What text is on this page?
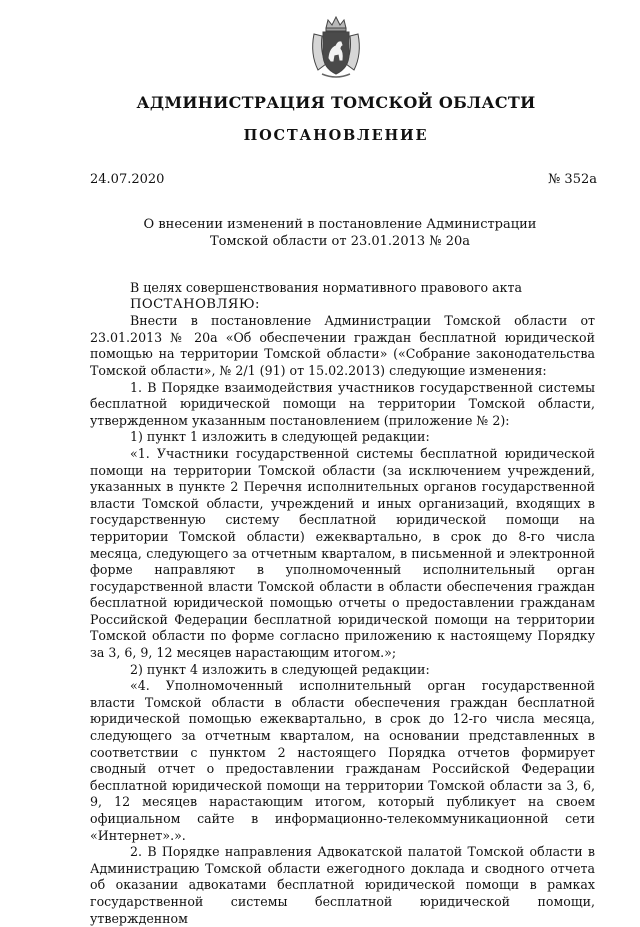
АДМИНИСТРАЦИЯ ТОМСКОЙ ОБЛАСТИ
ПОСТАНОВЛЕНИЕ
24.07.2020	№ 352а
О внесении изменений в постановление Администрации
Томской области от 23.01.2013 № 20а

В целях совершенствования нормативного правового акта

ПОСТАНОВЛЯЮ:

Внести в постановление Администрации Томской области от 23.01.2013 № 20а «Об обеспечении граждан бесплатной юридической помощью на территории Томской области» («Собрание законодательства Томской области», № 2/1 (91) от 15.02.2013) следующие изменения:

1. В Порядке взаимодействия участников государственной системы бесплатной юридической помощи на территории Томской области, утвержденном указанным постановлением (приложение № 2):

1) пункт 1 изложить в следующей редакции:

«1. Участники государственной системы бесплатной юридической помощи на территории Томской области (за исключением учреждений, указанных в пункте 2 Перечня исполнительных органов государственной власти Томской области, учреждений и иных организаций, входящих в государственную систему бесплатной юридической помощи на территории Томской области) ежеквартально, в срок до 8-го числа месяца, следующего за отчетным кварталом, в письменной и электронной форме направляют в уполномоченный исполнительный орган государственной власти Томской области в области обеспечения граждан бесплатной юридической помощью отчеты о предоставлении гражданам Российской Федерации бесплатной юридической помощи на территории Томской области по форме согласно приложению к настоящему Порядку за 3, 6, 9, 12 месяцев нарастающим итогом.»;

2) пункт 4 изложить в следующей редакции:

«4. Уполномоченный исполнительный орган государственной власти Томской области в области обеспечения граждан бесплатной юридической помощью ежеквартально, в срок до 12-го числа месяца, следующего за отчетным кварталом, на основании представленных в соответствии с пунктом 2 настоящего Порядка отчетов формирует сводный отчет о предоставлении гражданам Российской Федерации бесплатной юридической помощи на территории Томской области за 3, 6, 9, 12 месяцев нарастающим итогом, который публикует на своем официальном сайте в информационно-телекоммуникационной сети «Интернет».».

2. В Порядке направления Адвокатской палатой Томской области в Администрацию Томской области ежегодного доклада и сводного отчета об оказании адвокатами бесплатной юридической помощи в рамках государственной системы бесплатной юридической помощи, утвержденном
